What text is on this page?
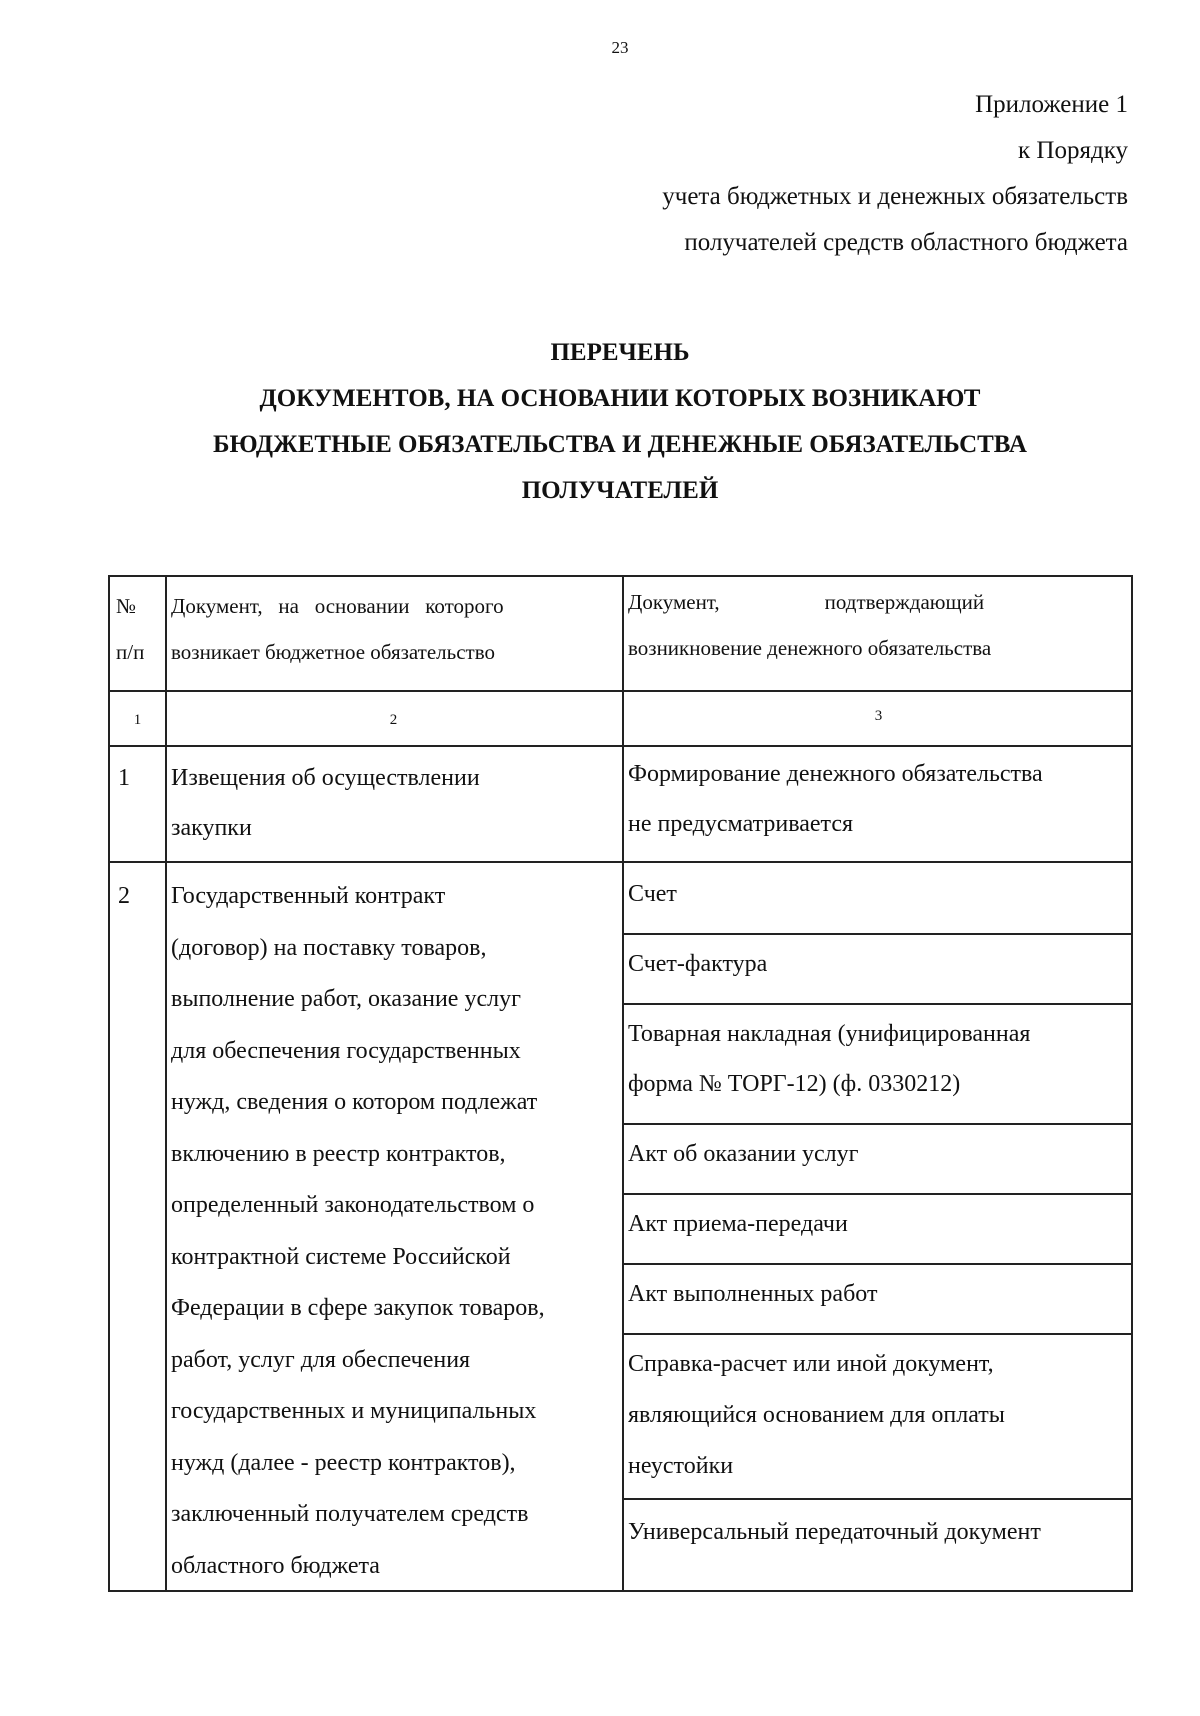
23
Приложение 1
к Порядку
учета бюджетных и денежных обязательств
получателей средств областного бюджета
ПЕРЕЧЕНЬ
ДОКУМЕНТОВ, НА ОСНОВАНИИ КОТОРЫХ ВОЗНИКАЮТ
БЮДЖЕТНЫЕ ОБЯЗАТЕЛЬСТВА И ДЕНЕЖНЫЕ ОБЯЗАТЕЛЬСТВА
ПОЛУЧАТЕЛЕЙ
№
п/п
Документ,   на   основании   которого
возникает бюджетное обязательство
Документ,                    подтверждающий
возникновение денежного обязательства
1	2	3
1 Извещения об осуществлении
закупки
Формирование денежного обязательства
не предусматривается
2 Государственный контракт
(договор) на поставку товаров,
выполнение работ, оказание услуг
для обеспечения государственных
нужд, сведения о котором подлежат
включению в реестр контрактов,
определенный законодательством о
контрактной системе Российской
Федерации в сфере закупок товаров,
работ, услуг для обеспечения
государственных и муниципальных
нужд (далее - реестр контрактов),
заключенный получателем средств
областного бюджета
Счет
Счет-фактура
Товарная накладная (унифицированная
форма № ТОРГ-12) (ф. 0330212)
Акт об оказании услуг
Акт приема-передачи
Акт выполненных работ
Справка-расчет или иной документ,
являющийся основанием для оплаты
неустойки
Универсальный передаточный документ
